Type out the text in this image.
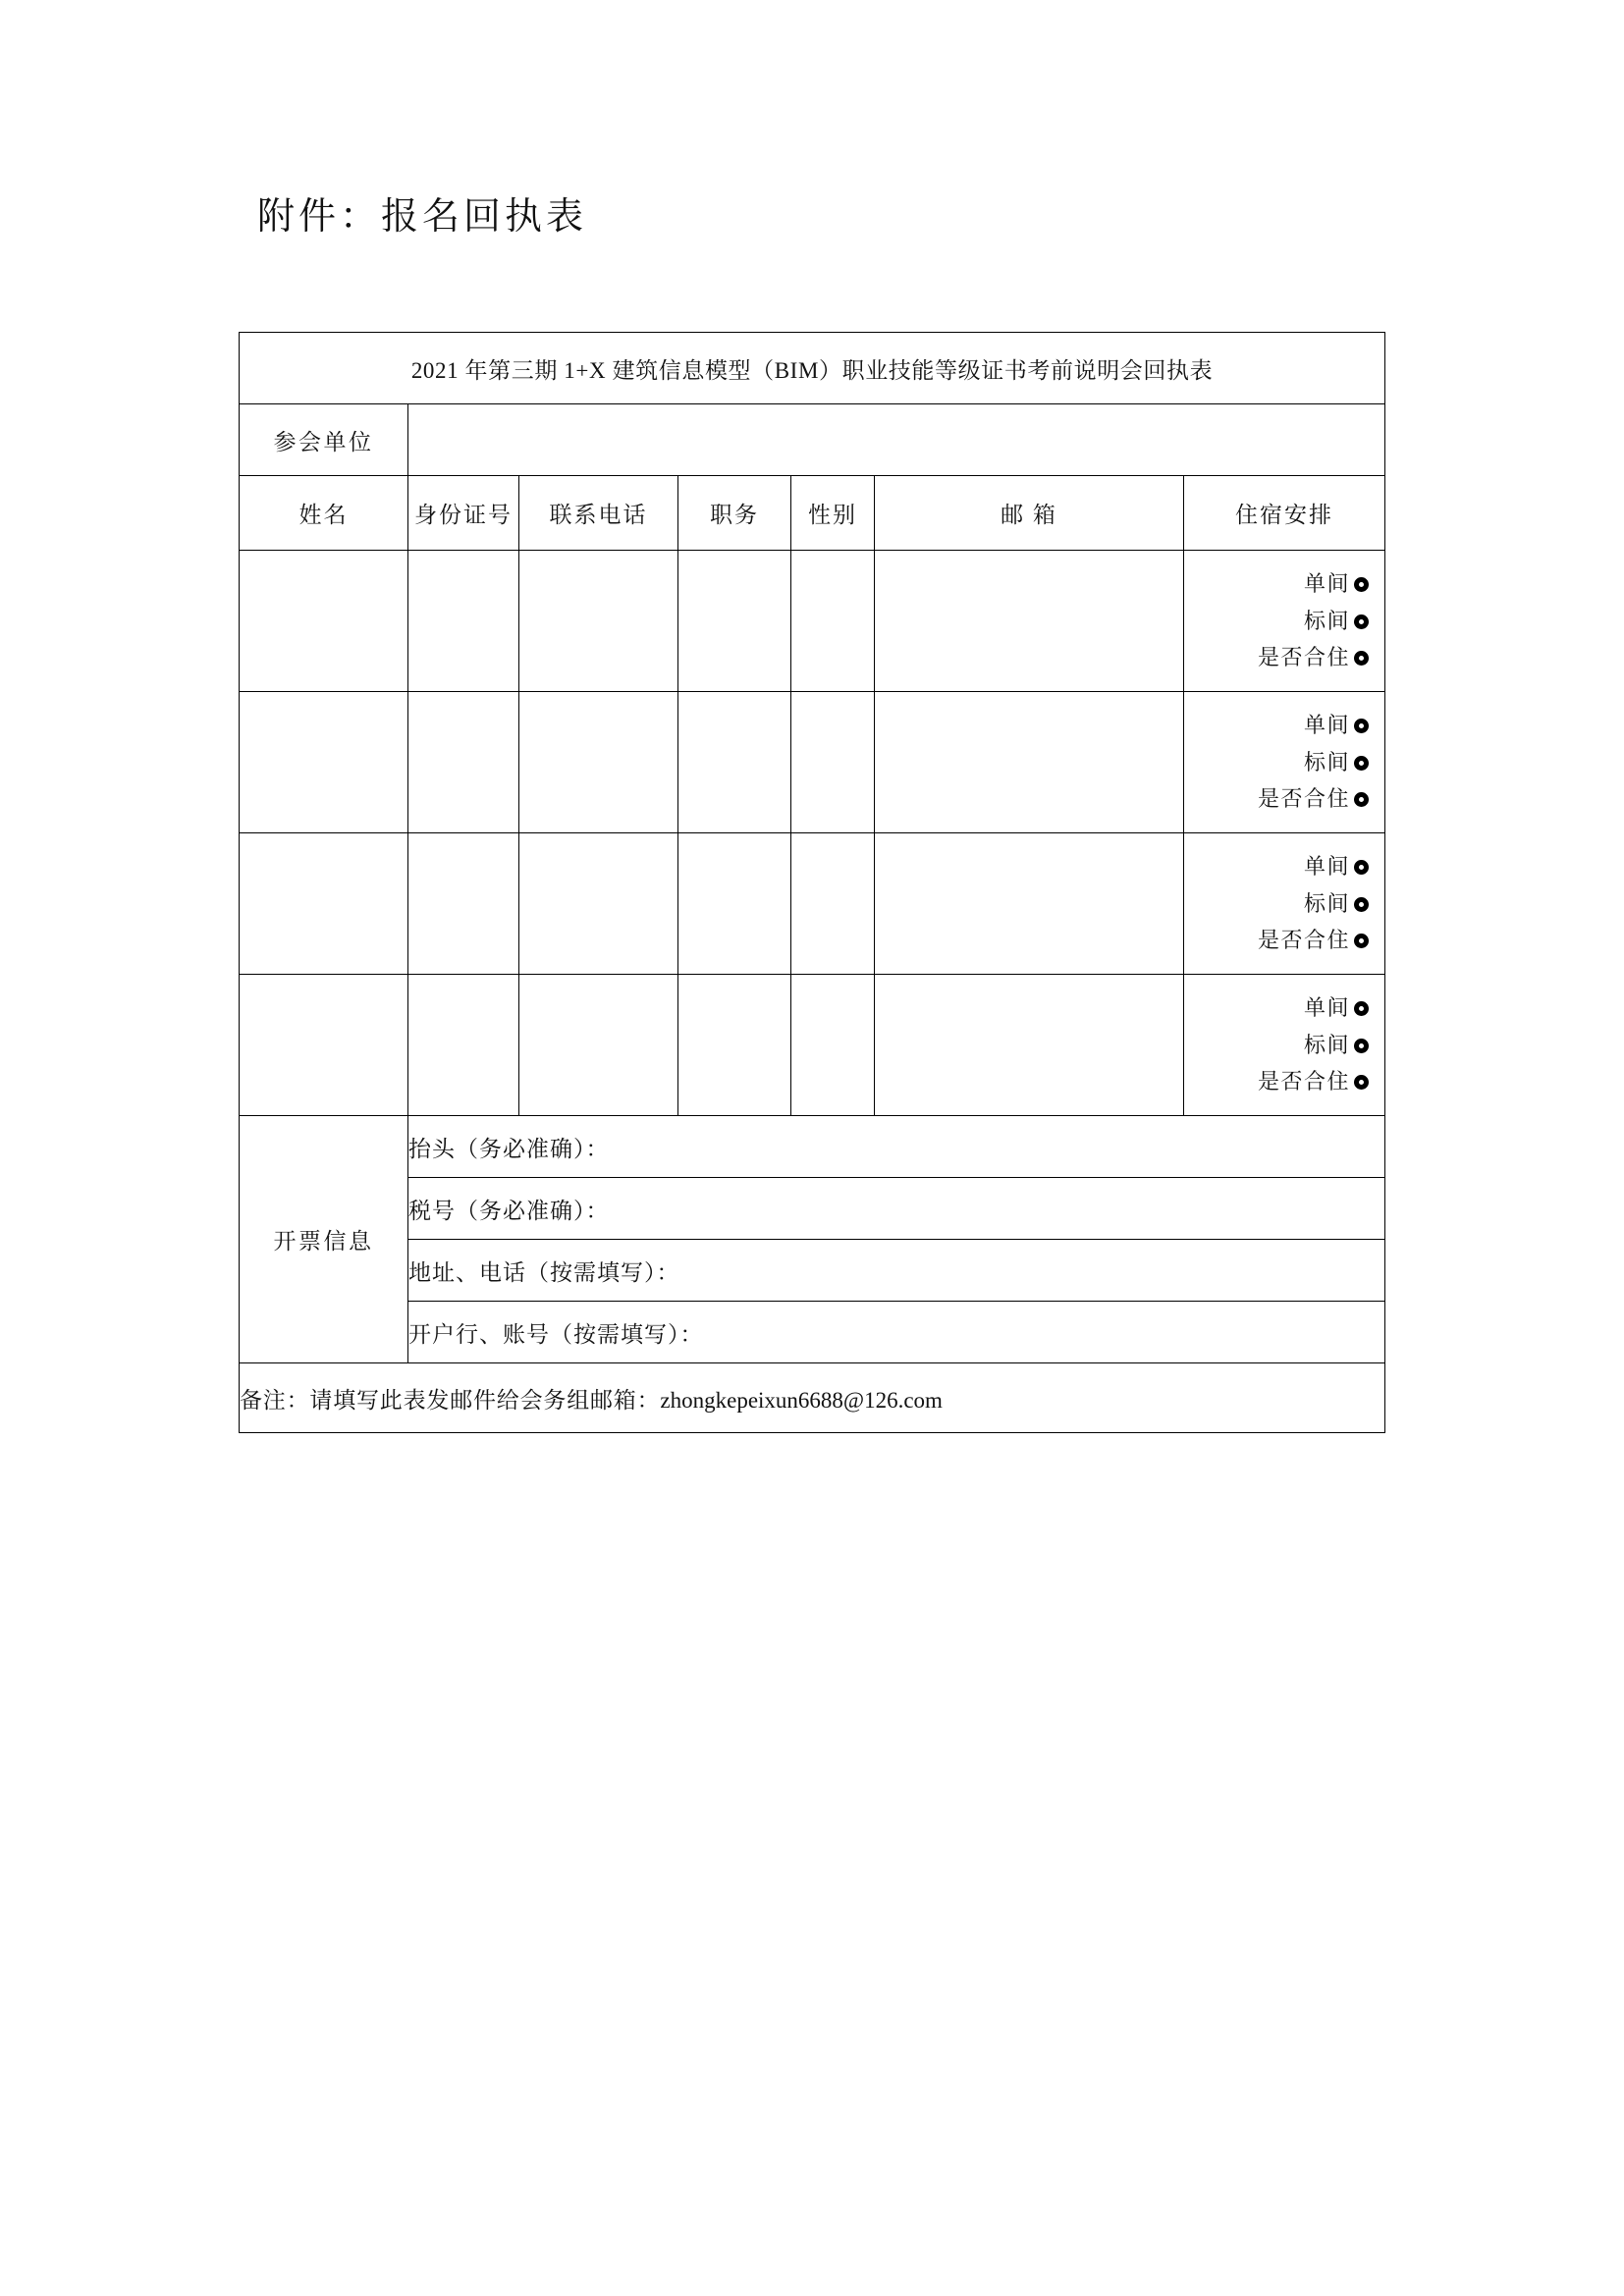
附件：报名回执表
2021 年第三期 1+X 建筑信息模型（BIM）职业技能等级证书考前说明会回执表						
参会单位						
姓名	身份证号	联系电话	职务	性别	邮 箱	住宿安排

						单间
标间
是否合住

						单间
标间
是否合住

						单间
标间
是否合住

						单间
标间
是否合住

开票信息	抬头（务必准确）：					
	税号（务必准确）：					
	地址、电话（按需填写）：					
	开户行、账号（按需填写）：					
备注：请填写此表发邮件给会务组邮箱：zhongkepeixun6688@126.com						
